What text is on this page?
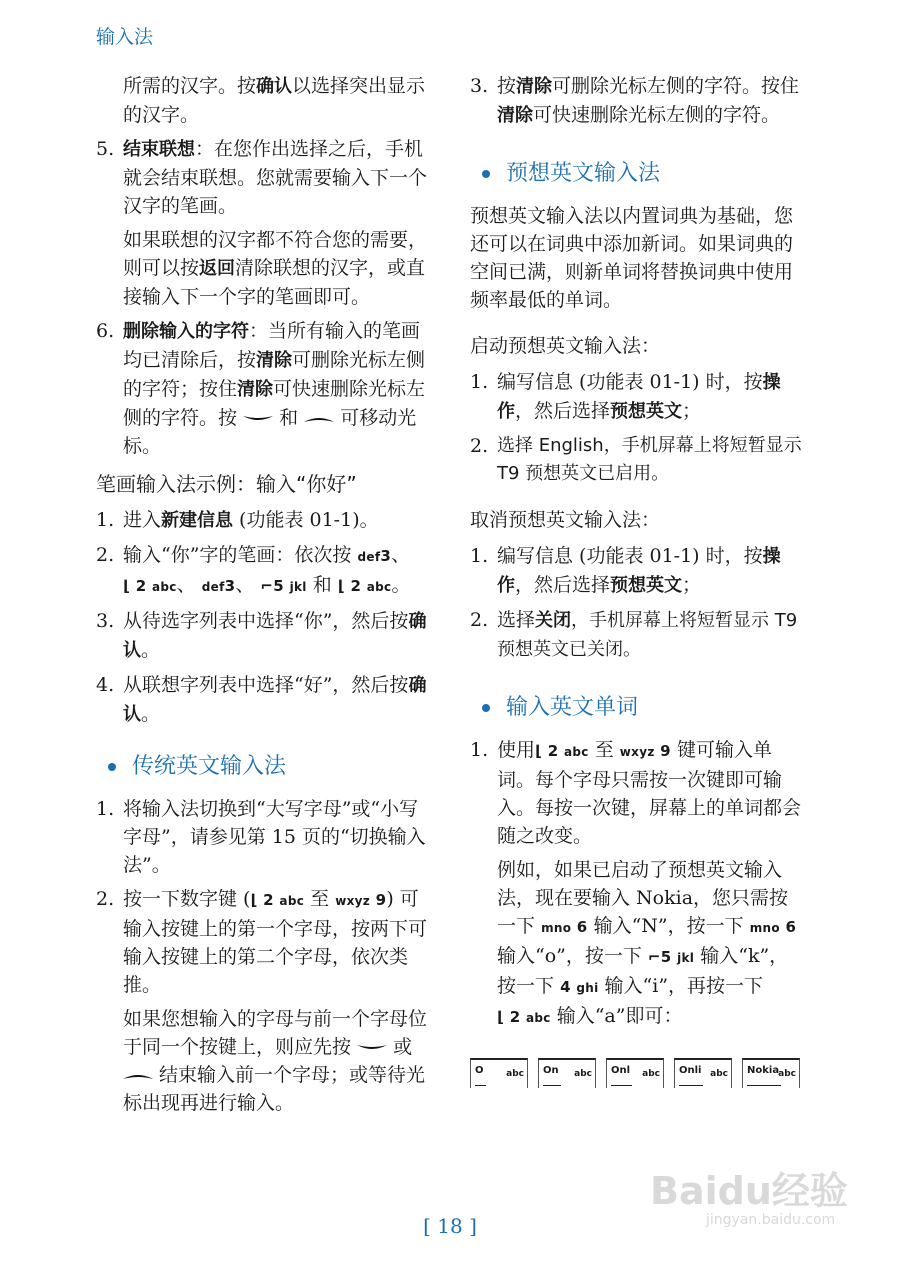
输入法

所需的汉字。按确认以选择突出显示的汉字。

5. 结束联想：在您作出选择之后，手机就会结束联想。您就需要输入下一个汉字的笔画。

如果联想的汉字都不符合您的需要，则可以按返回清除联想的汉字，或直接输入下一个字的笔画即可。

6. 删除输入的字符：当所有输入的笔画均已清除后，按清除可删除光标左侧的字符；按住清除可快速删除光标左侧的字符。按 和 可移动光标。

笔画输入法示例：输入“你好”

1. 进入新建信息 (功能表 01-1)。

2. 输入“你”字的笔画：依次按 def3、 ⌊ 2 abc、 def3、 ⌐5 jkl 和 ⌊ 2 abc。

3. 从待选字列表中选择“你”，然后按确认。

4. 从联想字列表中选择“好”，然后按确认。

传统英文输入法
1. 将输入法切换到“大写字母”或“小写字母”，请参见第 15 页的“切换输入法”。

2. 按一下数字键 (⌊ 2 abc 至 wxyz 9) 可输入按键上的第一个字母，按两下可输入按键上的第二个字母，依次类推。

如果您想输入的字母与前一个字母位于同一个按键上，则应先按 或  结束输入前一个字母；或等待光标出现再进行输入。

3. 按清除可删除光标左侧的字符。按住清除可快速删除光标左侧的字符。

预想英文输入法

预想英文输入法以内置词典为基础，您还可以在词典中添加新词。如果词典的空间已满，则新单词将替换词典中使用频率最低的单词。

启动预想英文输入法：

1. 编写信息 (功能表 01-1) 时，按操作，然后选择预想英文；

2. 选择 English，手机屏幕上将短暂显示 T9 预想英文已启用。

取消预想英文输入法：

1. 编写信息 (功能表 01-1) 时，按操作，然后选择预想英文；

2. 选择关闭，手机屏幕上将短暂显示 T9 预想英文已关闭。

输入英文单词
1. 使用⌊ 2 abc 至 wxyz 9 键可输入单词。每个字母只需按一次键即可输入。每按一次键，屏幕上的单词都会随之改变。

例如，如果已启动了预想英文输入法，现在要输入 Nokia，您只需按一下 mno 6 输入“N”，按一下 mno 6 输入“o”，按一下 ⌐5 jkl 输入“k”，按一下 4 ghi 输入“i”，再按一下 ⌊ 2 abc 输入“a”即可：

abc
O	abc
On	abc
Onl	abc
Onli	abc
Nokia
Baidu经验
jingyan.baidu.com
[ 18 ]
